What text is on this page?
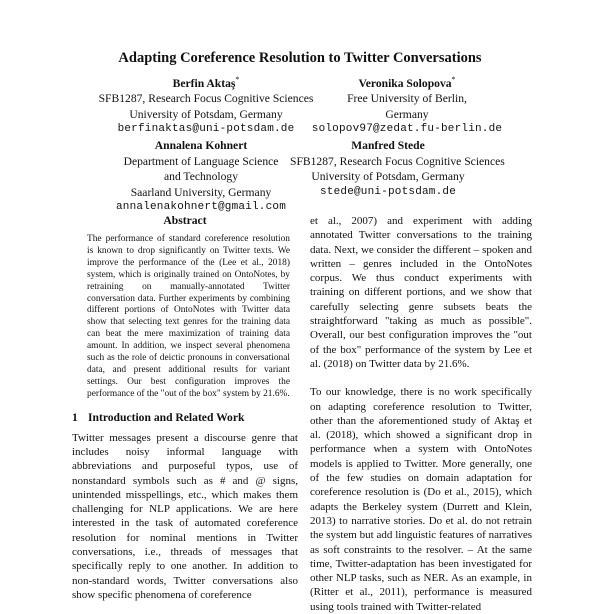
Adapting Coreference Resolution to Twitter Conversations
Berfin Aktaş*
SFB1287, Research Focus Cognitive Sciences
University of Potsdam, Germany
berfinaktas@uni-potsdam.de
Veronika Solopova*
Free University of Berlin,
Germany
solopov97@zedat.fu-berlin.de
Annalena Kohnert
Department of Language Science
and Technology
Saarland University, Germany
annalenakohnert@gmail.com
Manfred Stede
SFB1287, Research Focus Cognitive Sciences
University of Potsdam, Germany
stede@uni-potsdam.de
Abstract

The performance of standard coreference resolution is known to drop significantly on Twitter texts. We improve the performance of the (Lee et al., 2018) system, which is originally trained on OntoNotes, by retraining on manually-annotated Twitter conversation data. Further experiments by combining different portions of OntoNotes with Twitter data show that selecting text genres for the training data can beat the mere maximization of training data amount. In addition, we inspect several phenomena such as the role of deictic pronouns in conversational data, and present additional results for variant settings. Our best configuration improves the performance of the "out of the box" system by 21.6%.

1 Introduction and Related Work

Twitter messages present a discourse genre that includes noisy informal language with abbreviations and purposeful typos, use of nonstandard symbols such as # and @ signs, unintended misspellings, etc., which makes them challenging for NLP applications. We are here interested in the task of automated coreference resolution for nominal mentions in Twitter conversations, i.e., threads of messages that specifically reply to one another. In addition to non-standard words, Twitter conversations also show specific phenomena of coreference

et al., 2007) and experiment with adding annotated Twitter conversations to the training data. Next, we consider the different – spoken and written – genres included in the OntoNotes corpus. We thus conduct experiments with training on different portions, and we show that carefully selecting genre subsets beats the straightforward "taking as much as possible". Overall, our best configuration improves the "out of the box" performance of the system by Lee et al. (2018) on Twitter data by 21.6%.

To our knowledge, there is no work specifically on adapting coreference resolution to Twitter, other than the aforementioned study of Aktaş et al. (2018), which showed a significant drop in performance when a system with OntoNotes models is applied to Twitter. More generally, one of the few studies on domain adaptation for coreference resolution is (Do et al., 2015), which adapts the Berkeley system (Durrett and Klein, 2013) to narrative stories. Do et al. do not retrain the system but add linguistic features of narratives as soft constraints to the resolver. – At the same time, Twitter-adaptation has been investigated for other NLP tasks, such as NER. As an example, in (Ritter et al., 2011), performance is measured using tools trained with Twitter-related
